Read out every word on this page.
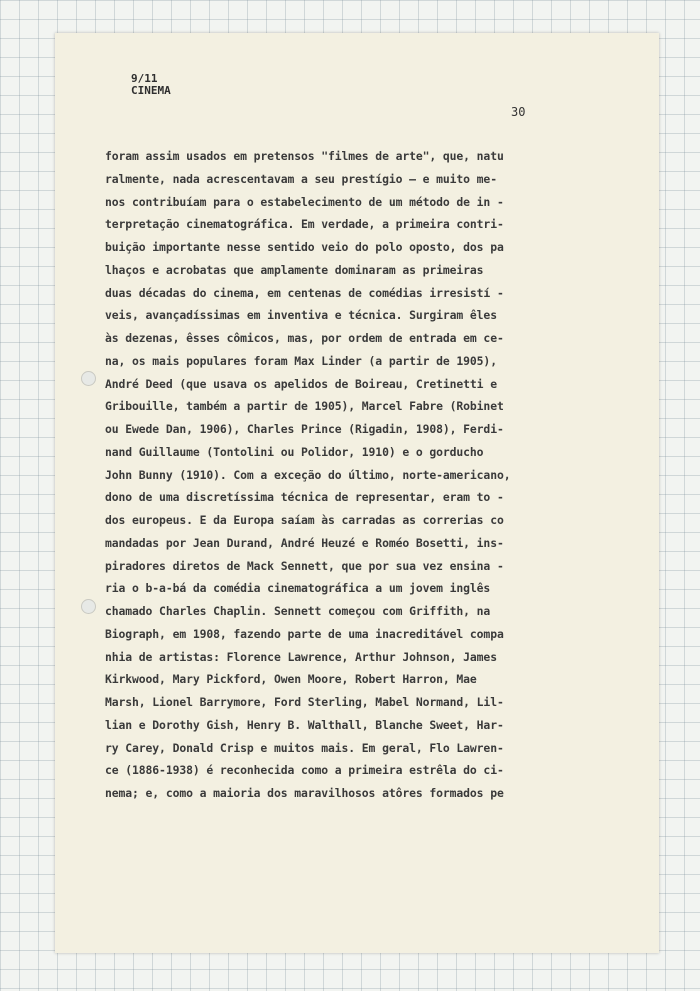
9/11
CINEMA
30
foram assim usados em pretensos "filmes de arte", que, natu
ralmente, nada acrescentavam a seu prestígio — e muito me-
nos contribuíam para o estabelecimento de um método de in -
terpretação cinematográfica. Em verdade, a primeira contri-
buição importante nesse sentido veio do polo oposto, dos pa
lhaços e acrobatas que amplamente dominaram as primeiras
duas décadas do cinema, em centenas de comédias irresistí -
veis, avançadíssimas em inventiva e técnica. Surgiram êles
às dezenas, êsses cômicos, mas, por ordem de entrada em ce-
na, os mais populares foram Max Linder (a partir de 1905),
André Deed (que usava os apelidos de Boireau, Cretinetti e
Gribouille, também a partir de 1905), Marcel Fabre (Robinet
ou Ewede Dan, 1906), Charles Prince (Rigadin, 1908), Ferdi-
nand Guillaume (Tontolini ou Polidor, 1910) e o gorducho
John Bunny (1910). Com a exceção do último, norte-americano,
dono de uma discretíssima técnica de representar, eram to -
dos europeus. E da Europa saíam às carradas as correrias co
mandadas por Jean Durand, André Heuzé e Roméo Bosetti, ins-
piradores diretos de Mack Sennett, que por sua vez ensina -
ria o b-a-bá da comédia cinematográfica a um jovem inglês
chamado Charles Chaplin. Sennett começou com Griffith, na
Biograph, em 1908, fazendo parte de uma inacreditável compa
nhia de artistas: Florence Lawrence, Arthur Johnson, James
Kirkwood, Mary Pickford, Owen Moore, Robert Harron, Mae
Marsh, Lionel Barrymore, Ford Sterling, Mabel Normand, Lil-
lian e Dorothy Gish, Henry B. Walthall, Blanche Sweet, Har-
ry Carey, Donald Crisp e muitos mais. Em geral, Flo Lawren-
ce (1886-1938) é reconhecida como a primeira estrêla do ci-
nema; e, como a maioria dos maravilhosos atôres formados pe
